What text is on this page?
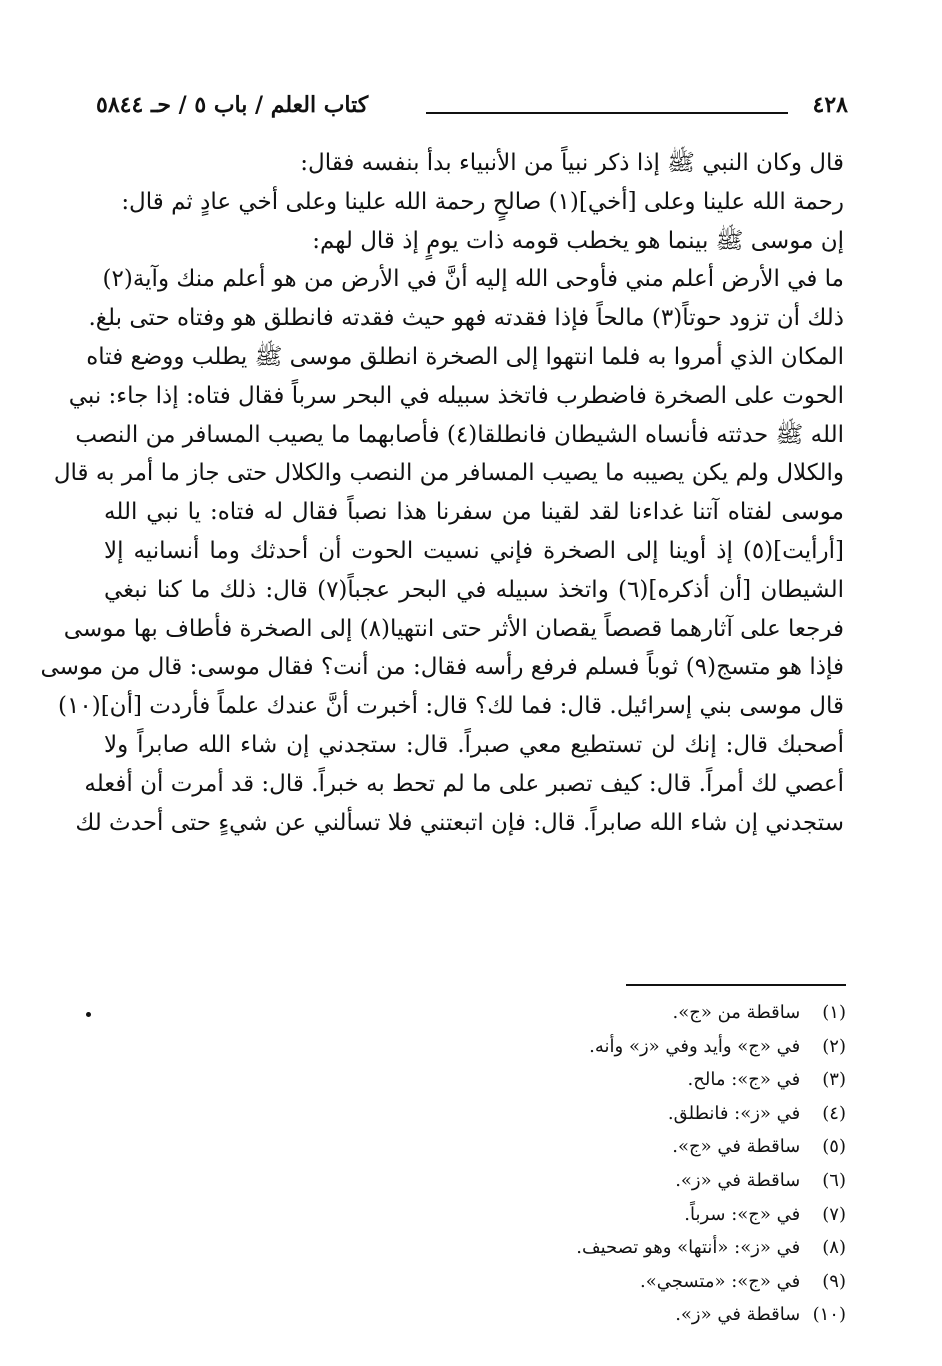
٤٢٨
كتاب العلم / باب ٥ / حـ ٥٨٤٤
قال وكان النبي ﷺ إذا ذكر نبياً من الأنبياء بدأ بنفسه فقال:
رحمة الله علينا وعلى [أخي](١) صالحٍ رحمة الله علينا وعلى أخي عادٍ ثم قال:
إن موسى ﷺ بينما هو يخطب قومه ذات يومٍ إذ قال لهم:
ما في الأرض أعلم مني فأوحى الله إليه أنَّ في الأرض من هو أعلم منك وآية(٢)
ذلك أن تزود حوتاً(٣) مالحاً فإذا فقدته فهو حيث فقدته فانطلق هو وفتاه حتى بلغ.
المكان الذي أمروا به فلما انتهوا إلى الصخرة انطلق موسى ﷺ يطلب ووضع فتاه
الحوت على الصخرة فاضطرب فاتخذ سبيله في البحر سرباً فقال فتاه: إذا جاء: نبي
الله ﷺ حدثته فأنساه الشيطان فانطلقا(٤) فأصابهما ما يصيب المسافر من النصب
والكلال ولم يكن يصيبه ما يصيب المسافر من النصب والكلال حتى جاز ما أمر به قال
موسى لفتاه آتنا غداءنا لقد لقينا من سفرنا هذا نصباً فقال له فتاه: يا نبي الله
[أرأيت](٥) إذ أوينا إلى الصخرة فإني نسيت الحوت أن أحدثك وما أنسانيه إلا
الشيطان [أن أذكره](٦) واتخذ سبيله في البحر عجباً(٧) قال: ذلك ما كنا نبغي
فرجعا على آثارهما قصصاً يقصان الأثر حتى انتهيا(٨) إلى الصخرة فأطاف بها موسى
فإذا هو متسج(٩) ثوباً فسلم فرفع رأسه فقال: من أنت؟ فقال موسى: قال من موسى
قال موسى بني إسرائيل. قال: فما لك؟ قال: أخبرت أنَّ عندك علماً فأردت [أن](١٠)
أصحبك قال: إنك لن تستطيع معي صبراً. قال: ستجدني إن شاء الله صابراً ولا
أعصي لك أمراً. قال: كيف تصبر على ما لم تحط به خبراً. قال: قد أمرت أن أفعله
ستجدني إن شاء الله صابراً. قال: فإن اتبعتني فلا تسألني عن شيءٍ حتى أحدث لك
(١) ساقطة من «ج».
(٢) في «ج» وأيد وفي «ز» وأنه.
(٣) في «ج»: مالح.
(٤) في «ز»: فانطلق.
(٥) ساقطة في «ج».
(٦) ساقطة في «ز».
(٧) في «ج»: سرباً.
(٨) في «ز»: «أنتها» وهو تصحيف.
(٩) في «ج»: «متسجي».
(١٠) ساقطة في «ز».
